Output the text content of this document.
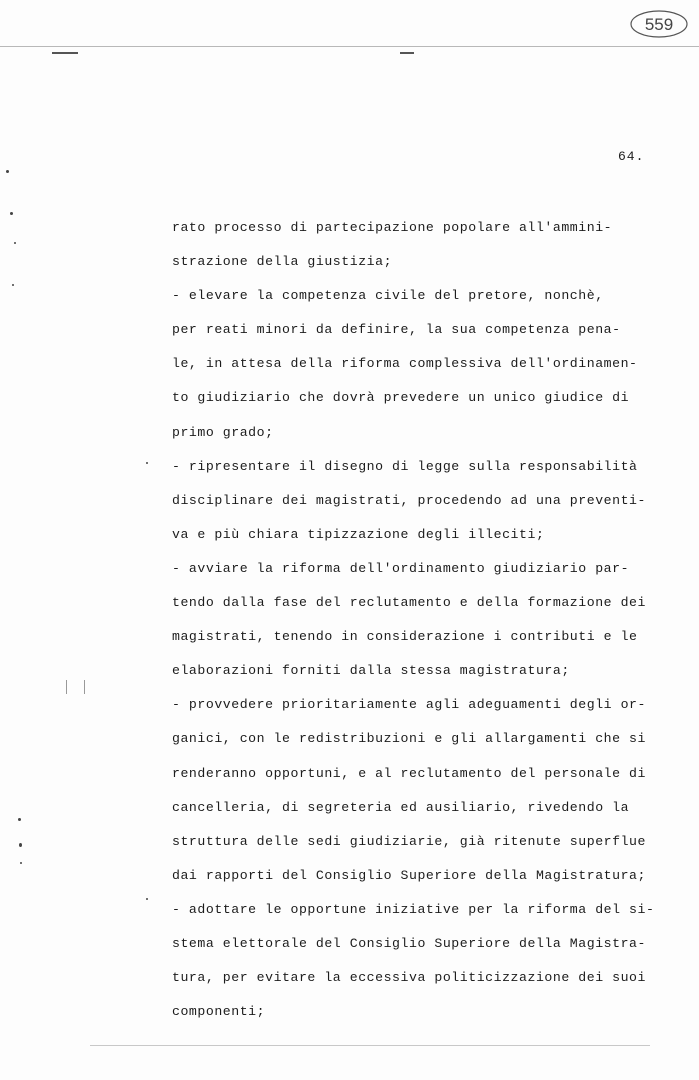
559
64.
rato processo di partecipazione popolare all'ammini-
strazione della giustizia;
- elevare la competenza civile del pretore, nonchè,
per reati minori da definire, la sua competenza pena-
le, in attesa della riforma complessiva dell'ordinamen-
to giudiziario che dovrà prevedere un unico giudice di
primo grado;
- ripresentare il disegno di legge sulla responsabilità
disciplinare dei magistrati, procedendo ad una preventi-
va e più chiara tipizzazione degli illeciti;
- avviare la riforma dell'ordinamento giudiziario par-
tendo dalla fase del reclutamento e della formazione dei
magistrati, tenendo in considerazione i contributi e le
elaborazioni forniti dalla stessa magistratura;
- provvedere prioritariamente agli adeguamenti degli or-
ganici, con le redistribuzioni e gli allargamenti che si
renderanno opportuni, e al reclutamento del personale di
cancelleria, di segreteria ed ausiliario, rivedendo la
struttura delle sedi giudiziarie, già ritenute superflue
dai rapporti del Consiglio Superiore della Magistratura;
- adottare le opportune iniziative per la riforma del si-
stema elettorale del Consiglio Superiore della Magistra-
tura, per evitare la eccessiva politicizzazione dei suoi
componenti;
